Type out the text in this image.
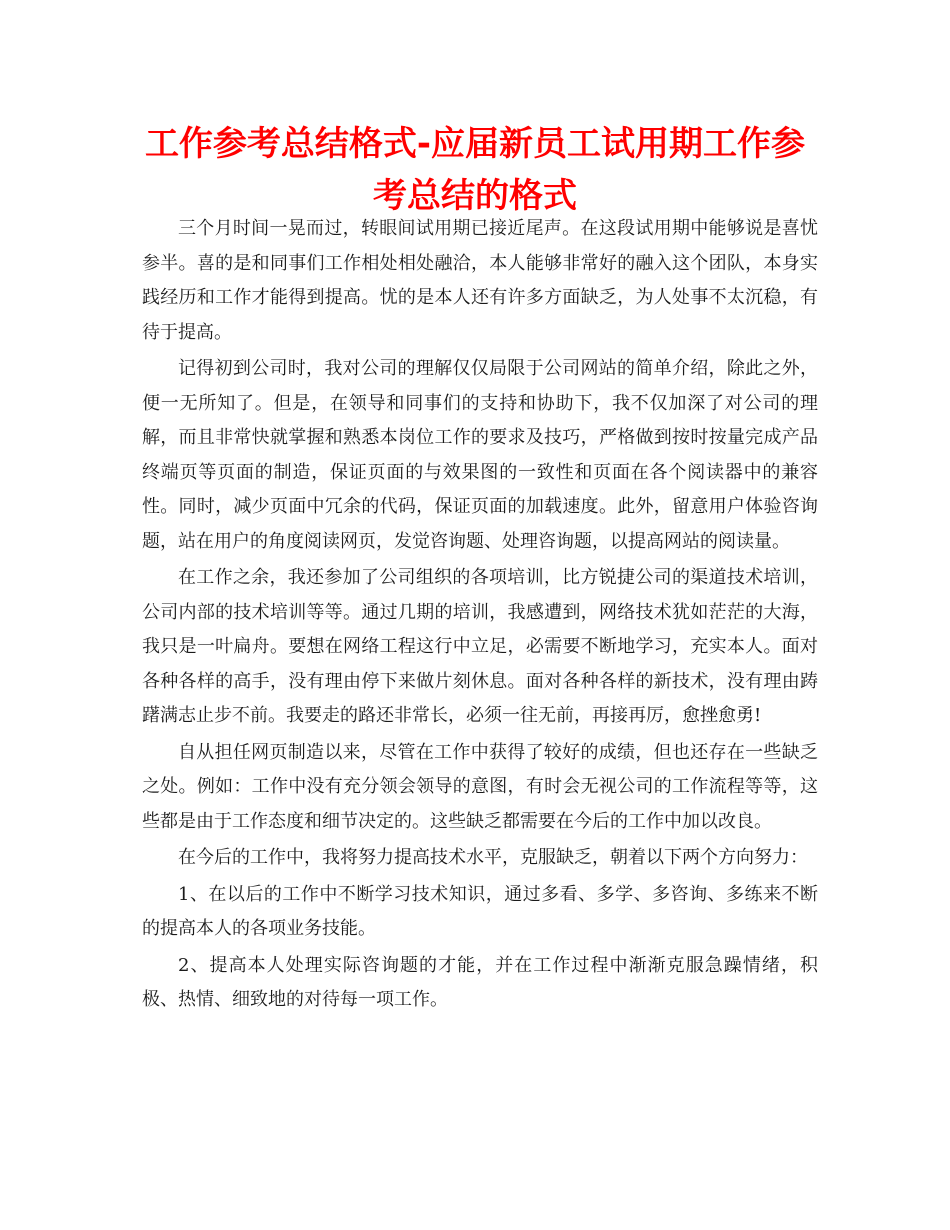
工作参考总结格式-应届新员工试用期工作参考总结的格式

三个月时间一晃而过，转眼间试用期已接近尾声。在这段试用期中能够说是喜忧参半。喜的是和同事们工作相处相处融洽，本人能够非常好的融入这个团队，本身实践经历和工作才能得到提高。忧的是本人还有许多方面缺乏，为人处事不太沉稳，有待于提高。

记得初到公司时，我对公司的理解仅仅局限于公司网站的简单介绍，除此之外，便一无所知了。但是，在领导和同事们的支持和协助下，我不仅加深了对公司的理解，而且非常快就掌握和熟悉本岗位工作的要求及技巧，严格做到按时按量完成产品终端页等页面的制造，保证页面的与效果图的一致性和页面在各个阅读器中的兼容性。同时，减少页面中冗余的代码，保证页面的加载速度。此外，留意用户体验咨询题，站在用户的角度阅读网页，发觉咨询题、处理咨询题，以提高网站的阅读量。

在工作之余，我还参加了公司组织的各项培训，比方锐捷公司的渠道技术培训，公司内部的技术培训等等。通过几期的培训，我感遭到，网络技术犹如茫茫的大海，我只是一叶扁舟。要想在网络工程这行中立足，必需要不断地学习，充实本人。面对各种各样的高手，没有理由停下来做片刻休息。面对各种各样的新技术，没有理由踌躇满志止步不前。我要走的路还非常长，必须一往无前，再接再厉，愈挫愈勇!

自从担任网页制造以来，尽管在工作中获得了较好的成绩，但也还存在一些缺乏之处。例如：工作中没有充分领会领导的意图，有时会无视公司的工作流程等等，这些都是由于工作态度和细节决定的。这些缺乏都需要在今后的工作中加以改良。

在今后的工作中，我将努力提高技术水平，克服缺乏，朝着以下两个方向努力：

1、在以后的工作中不断学习技术知识，通过多看、多学、多咨询、多练来不断的提高本人的各项业务技能。

2、提高本人处理实际咨询题的才能，并在工作过程中渐渐克服急躁情绪，积极、热情、细致地的对待每一项工作。
